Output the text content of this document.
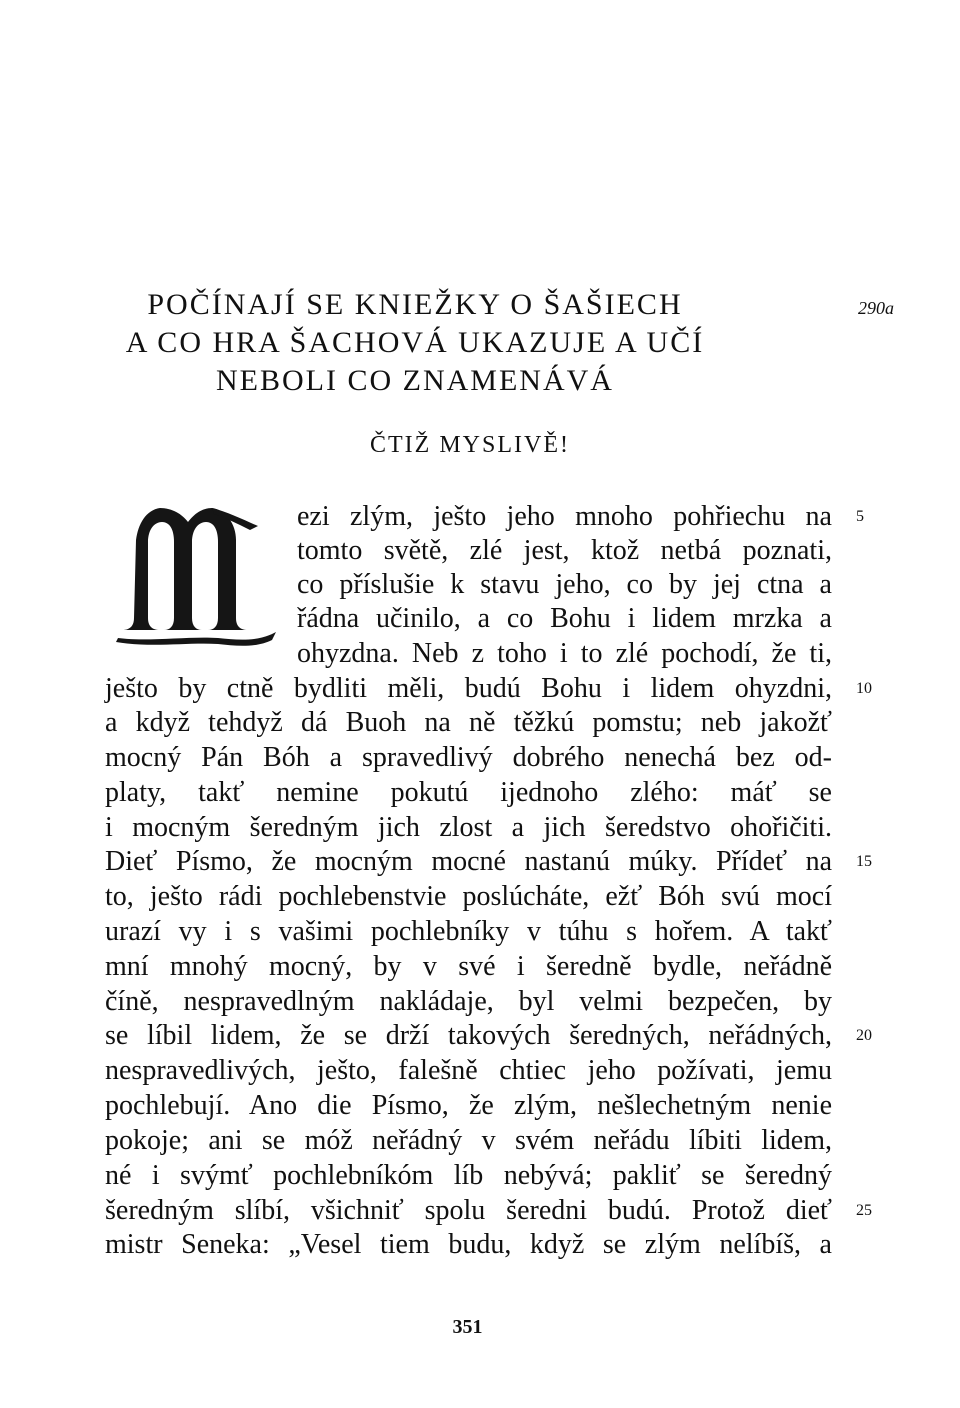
POČÍNAJÍ SE KNIEŽKY O ŠAŠIECH
A CO HRA ŠACHOVÁ UKAZUJE A UČÍ
NEBOLI CO ZNAMENÁVÁ
290a
ČTIŽ MYSLIVĚ!
ezi zlým, ješto jeho mnoho pohřiechu na
tomto světě, zlé jest, ktož netbá poznati,
co příslušie k stavu jeho, co by jej ctna a
řádna učinilo, a co Bohu i lidem mrzka a
ohyzdna. Neb z toho i to zlé pochodí, že ti,
ješto by ctně bydliti měli, budú Bohu i lidem ohyzdni,
a když tehdyž dá Buoh na ně těžkú pomstu; neb jakožť
mocný Pán Bóh a spravedlivý dobrého nenechá bez od-
platy, takť nemine pokutú ijednoho zlého: máť se
i mocným šeredným jich zlost a jich šeredstvo ohořičiti.
Dieť Písmo, že mocným mocné nastanú múky. Přídeť na
to, ješto rádi pochlebenstvie poslúcháte, ežť Bóh svú mocí
urazí vy i s vašimi pochlebníky v túhu s hořem. A takť
mní mnohý mocný, by v své i šeredně bydle, neřádně
číně, nespravedlným nakládaje, byl velmi bezpečen, by
se líbil lidem, že se drží takových šeredných, neřádných,
nespravedlivých, ješto, falešně chtiec jeho požívati, jemu
pochlebují. Ano die Písmo, že zlým, nešlechetným nenie
pokoje; ani se móž neřádný v svém neřádu líbiti lidem,
né i svýmť pochlebníkóm líb nebývá; pakliť se šeredný
šeredným slíbí, všichniť spolu šeredni budú. Protož dieť
mistr Seneka: „Vesel tiem budu, když se zlým nelíbíš, a
5
10
15
20
25
351
